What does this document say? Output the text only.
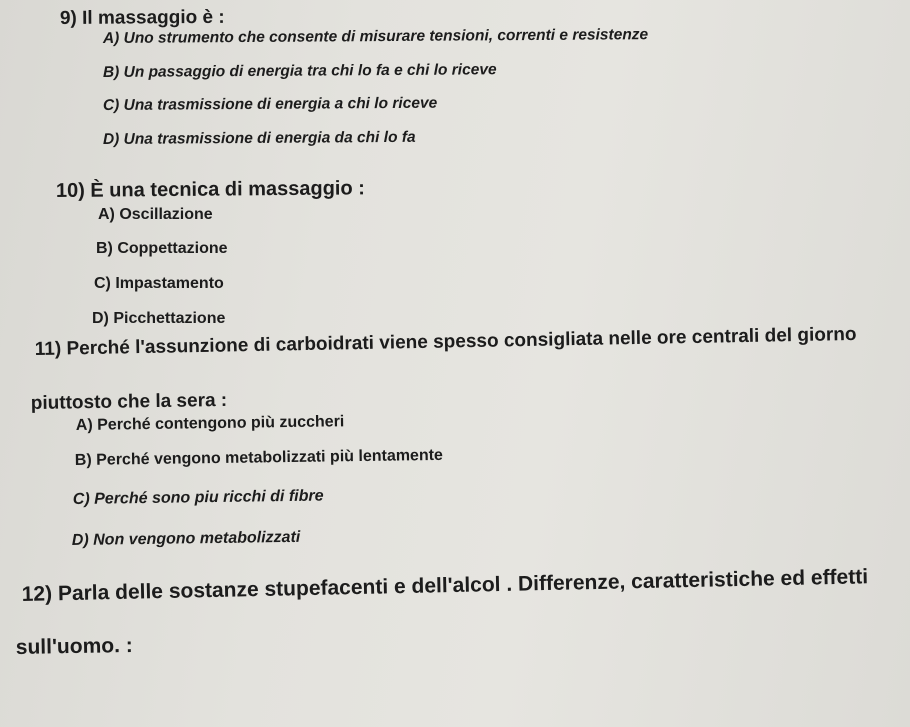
9) Il massaggio è :

A) Uno strumento che consente di misurare tensioni, correnti e resistenze

B) Un passaggio di energia tra chi lo fa e chi lo riceve

C) Una trasmissione di energia a chi lo riceve

D) Una trasmissione di energia da chi lo fa

10) È una tecnica di massaggio :

A) Oscillazione

B) Coppettazione

C) Impastamento

D) Picchettazione

11) Perché l'assunzione di carboidrati viene spesso consigliata nelle ore centrali del giorno

piuttosto che la sera :

A) Perché contengono più zuccheri

B) Perché vengono metabolizzati più lentamente

C) Perché sono piu ricchi di fibre

D) Non vengono metabolizzati

12) Parla delle sostanze stupefacenti e dell'alcol . Differenze, caratteristiche ed effetti

sull'uomo. :
